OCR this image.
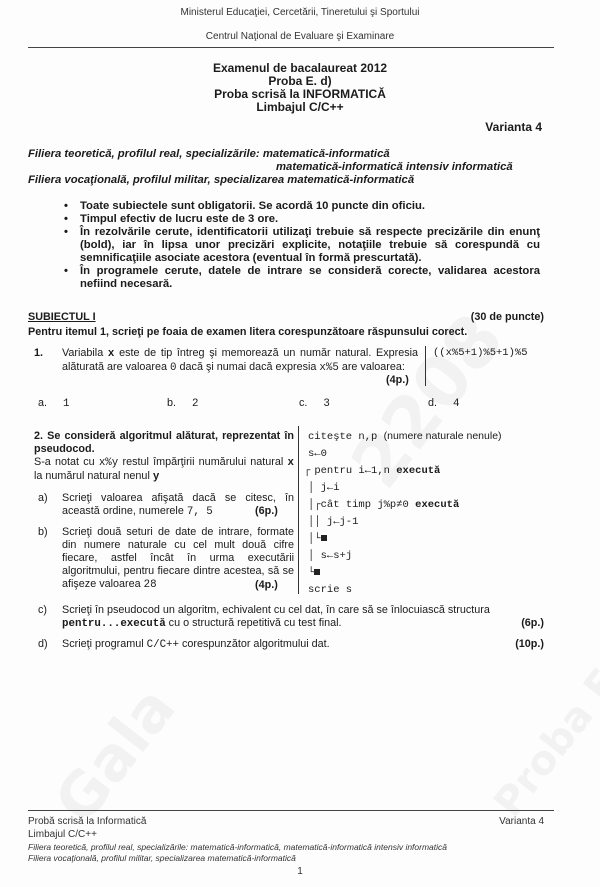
Ministerul Educaţiei, Cercetării, Tineretului şi Sportului
Centrul Naţional de Evaluare şi Examinare
Examenul de bacalaureat 2012
Proba E. d)
Proba scrisă la INFORMATICĂ
Limbajul C/C++
Varianta 4
Filiera teoretică, profilul real, specializările: matematică-informatică
matematică-informatică intensiv informatică
Filiera vocaţională, profilul militar, specializarea matematică-informatică
• Toate subiectele sunt obligatorii. Se acordă 10 puncte din oficiu.
• Timpul efectiv de lucru este de 3 ore.
• În rezolvările cerute, identificatorii utilizaţi trebuie să respecte precizările din enunţ (bold), iar în lipsa unor precizări explicite, notaţiile trebuie să corespundă cu semnificaţiile asociate acestora (eventual în formă prescurtată).
• În programele cerute, datele de intrare se consideră corecte, validarea acestora nefiind necesară.
SUBIECTUL I	(30 de puncte)
Pentru itemul 1, scrieţi pe foaia de examen litera corespunzătoare răspunsului corect.
1. Variabila x este de tip întreg şi memorează un număr natural. Expresia alăturată are valoarea 0 dacă şi numai dacă expresia x%5 are valoarea:
(4p.)
((x%5+1)%5+1)%5
a. 1	b. 2	c. 3	d. 4
2. Se consideră algoritmul alăturat, reprezentat în pseudocod.
S-a notat cu x%y restul împărţirii numărului natural x la numărul natural nenul y
a) Scrieţi valoarea afişată dacă se citesc, în această ordine, numerele 7, 5	(6p.)
b) Scrieţi două seturi de date de intrare, formate din numere naturale cu cel mult două cifre fiecare, astfel încât în urma executării algoritmului, pentru fiecare dintre acestea, să se afişeze valoarea 28	(4p.)
citeşte n,p (numere naturale nenule)
s←0
┌ pentru i←1,n execută
│ j←i
│┌cât timp j%p≠0 execută
││ j←j-1
│└
│ s←s+j
└
scrie s
c) Scrieţi în pseudocod un algoritm, echivalent cu cel dat, în care să se înlocuiască structura pentru...execută cu o structură repetitivă cu test final.	(6p.)
d) Scrieţi programul C/C++ corespunzător algoritmului dat.	(10p.)
Probă scrisă la Informatică	Varianta 4
Limbajul C/C++
Filiera teoretică, profilul real, specializările: matematică-informatică, matematică-informatică intensiv informatică
Filiera vocaţională, profilul militar, specializarea matematică-informatică
1
